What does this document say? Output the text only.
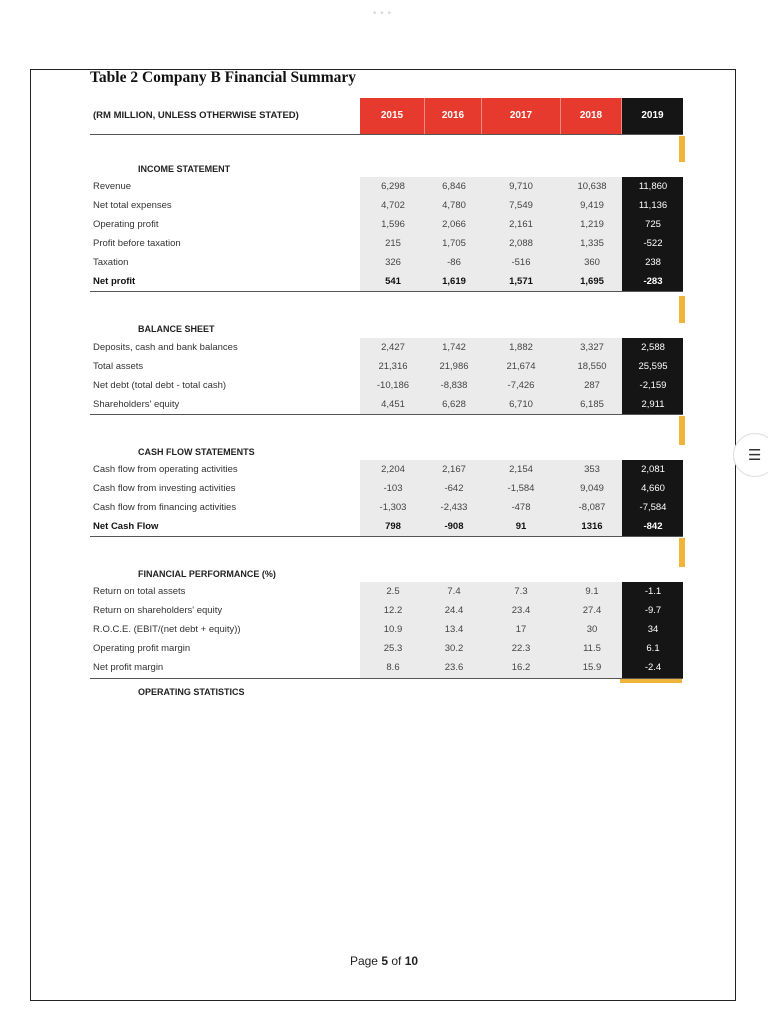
•••
Table 2 Company B Financial Summary
(RM MILLION, UNLESS OTHERWISE STATED)	2015	2016	2017	2018	2019
INCOME STATEMENT
Revenue	6,298	6,846	9,710	10,638	11,860
Net total expenses	4,702	4,780	7,549	9,419	11,136
Operating profit	1,596	2,066	2,161	1,219	725
Profit before taxation	215	1,705	2,088	1,335	-522
Taxation	326	-86	-516	360	238
Net profit	541	1,619	1,571	1,695	-283
BALANCE SHEET
Deposits, cash and bank balances	2,427	1,742	1,882	3,327	2,588
Total assets	21,316	21,986	21,674	18,550	25,595
Net debt (total debt - total cash)	-10,186	-8,838	-7,426	287	-2,159
Shareholders' equity	4,451	6,628	6,710	6,185	2,911
CASH FLOW STATEMENTS
Cash flow from operating activities	2,204	2,167	2,154	353	2,081
Cash flow from investing activities	-103	-642	-1,584	9,049	4,660
Cash flow from financing activities	-1,303	-2,433	-478	-8,087	-7,584
Net Cash Flow	798	-908	91	1316	-842
FINANCIAL PERFORMANCE (%)
Return on total assets	2.5	7.4	7.3	9.1	-1.1
Return on shareholders' equity	12.2	24.4	23.4	27.4	-9.7
R.O.C.E. (EBIT/(net debt + equity))	10.9	13.4	17	30	34
Operating profit margin	25.3	30.2	22.3	11.5	6.1
Net profit margin	8.6	23.6	16.2	15.9	-2.4
OPERATING STATISTICS
Page 5 of 10
☰
